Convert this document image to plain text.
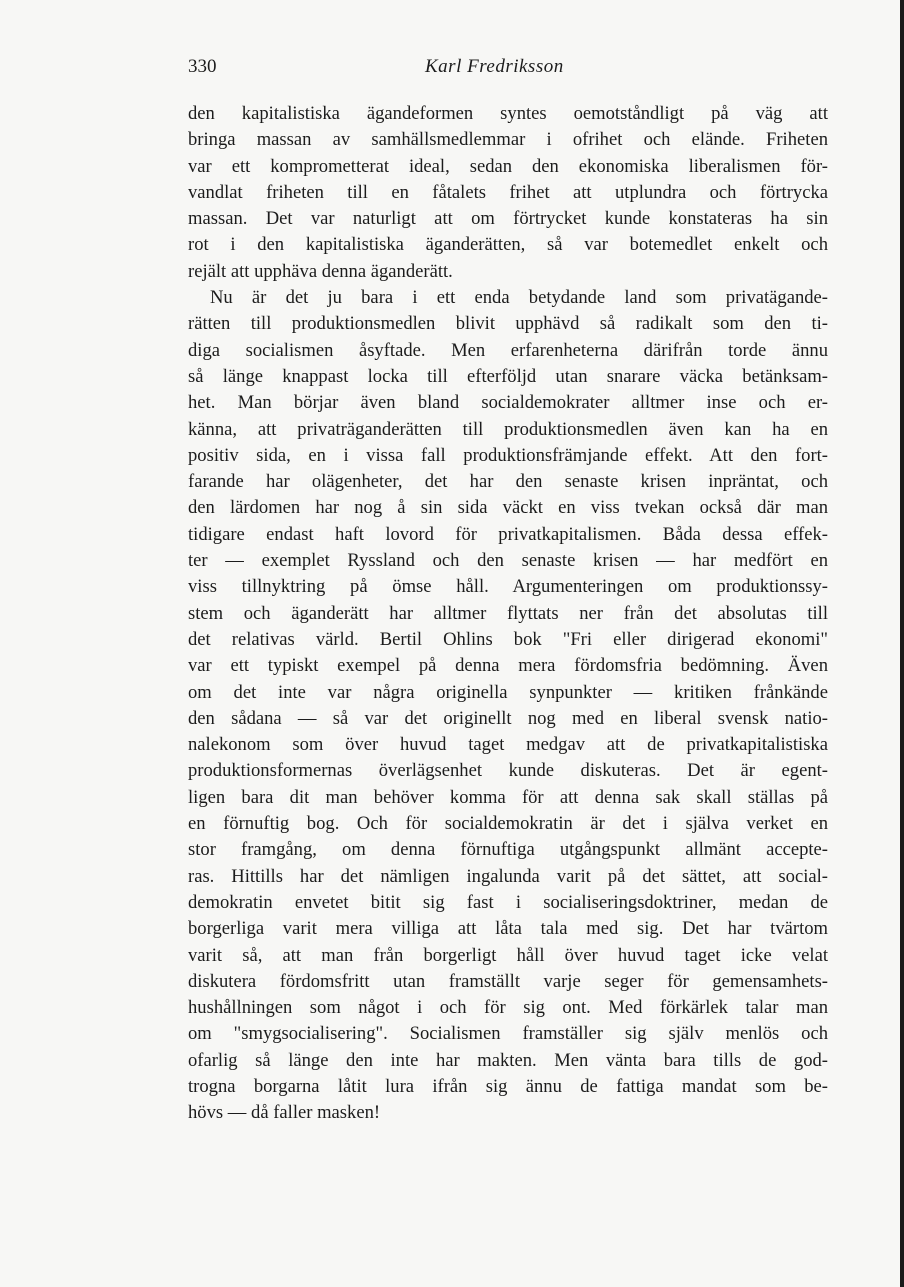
330	Karl Fredriksson
den kapitalistiska ägandeformen syntes oemotståndligt på väg att
bringa massan av samhällsmedlemmar i ofrihet och elände. Friheten
var ett komprometterat ideal, sedan den ekonomiska liberalismen för-
vandlat friheten till en fåtalets frihet att utplundra och förtrycka
massan. Det var naturligt att om förtrycket kunde konstateras ha sin
rot i den kapitalistiska äganderätten, så var botemedlet enkelt och
rejält att upphäva denna äganderätt.
Nu är det ju bara i ett enda betydande land som privatägande-
rätten till produktionsmedlen blivit upphävd så radikalt som den ti-
diga socialismen åsyftade. Men erfarenheterna därifrån torde ännu
så länge knappast locka till efterföljd utan snarare väcka betänksam-
het. Man börjar även bland socialdemokrater alltmer inse och er-
känna, att privaträganderätten till produktionsmedlen även kan ha en
positiv sida, en i vissa fall produktionsfrämjande effekt. Att den fort-
farande har olägenheter, det har den senaste krisen inpräntat, och
den lärdomen har nog å sin sida väckt en viss tvekan också där man
tidigare endast haft lovord för privatkapitalismen. Båda dessa effek-
ter — exemplet Ryssland och den senaste krisen — har medfört en
viss tillnyktring på ömse håll. Argumenteringen om produktionssy-
stem och äganderätt har alltmer flyttats ner från det absolutas till
det relativas värld. Bertil Ohlins bok "Fri eller dirigerad ekonomi"
var ett typiskt exempel på denna mera fördomsfria bedömning. Även
om det inte var några originella synpunkter — kritiken frånkände
den sådana — så var det originellt nog med en liberal svensk natio-
nalekonom som över huvud taget medgav att de privatkapitalistiska
produktionsformernas överlägsenhet kunde diskuteras. Det är egent-
ligen bara dit man behöver komma för att denna sak skall ställas på
en förnuftig bog. Och för socialdemokratin är det i själva verket en
stor framgång, om denna förnuftiga utgångspunkt allmänt accepte-
ras. Hittills har det nämligen ingalunda varit på det sättet, att social-
demokratin envetet bitit sig fast i socialiseringsdoktriner, medan de
borgerliga varit mera villiga att låta tala med sig. Det har tvärtom
varit så, att man från borgerligt håll över huvud taget icke velat
diskutera fördomsfritt utan framställt varje seger för gemensamhets-
hushållningen som något i och för sig ont. Med förkärlek talar man
om "smygsocialisering". Socialismen framställer sig själv menlös och
ofarlig så länge den inte har makten. Men vänta bara tills de god-
trogna borgarna låtit lura ifrån sig ännu de fattiga mandat som be-
hövs — då faller masken!
